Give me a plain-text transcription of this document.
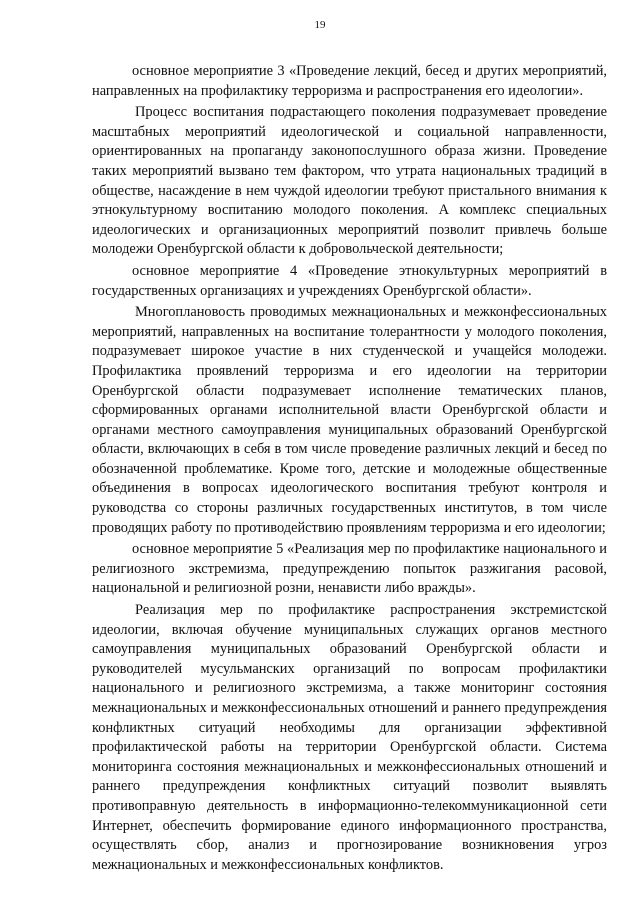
19

основное мероприятие 3 «Проведение лекций, бесед и других мероприятий, направленных на профилактику терроризма и распространения его идеологии».

Процесс воспитания подрастающего поколения подразумевает проведение масштабных мероприятий идеологической и социальной направленности, ориентированных на пропаганду законопослушного образа жизни. Проведение таких мероприятий вызвано тем фактором, что утрата национальных традиций в обществе, насаждение в нем чуждой идеологии требуют пристального внимания к этнокультурному воспитанию молодого поколения. А комплекс специальных идеологических и организационных мероприятий позволит привлечь больше молодежи Оренбургской области к добровольческой деятельности;

основное мероприятие 4 «Проведение этнокультурных мероприятий в государственных организациях и учреждениях Оренбургской области».

Многоплановость проводимых межнациональных и межконфессиональных мероприятий, направленных на воспитание толерантности у молодого поколения, подразумевает широкое участие в них студенческой и учащейся молодежи. Профилактика проявлений терроризма и его идеологии на территории Оренбургской области подразумевает исполнение тематических планов, сформированных органами исполнительной власти Оренбургской области и органами местного самоуправления муниципальных образований Оренбургской области, включающих в себя в том числе проведение различных лекций и бесед по обозначенной проблематике. Кроме того, детские и молодежные общественные объединения в вопросах идеологического воспитания требуют контроля и руководства со стороны различных государственных институтов, в том числе проводящих работу по противодействию проявлениям терроризма и его идеологии;

основное мероприятие 5 «Реализация мер по профилактике национального и религиозного экстремизма, предупреждению попыток разжигания расовой, национальной и религиозной розни, ненависти либо вражды».

Реализация мер по профилактике распространения экстремистской идеологии, включая обучение муниципальных служащих органов местного самоуправления муниципальных образований Оренбургской области и руководителей мусульманских организаций по вопросам профилактики национального и религиозного экстремизма, а также мониторинг состояния межнациональных и межконфессиональных отношений и раннего предупреждения конфликтных ситуаций необходимы для организации эффективной профилактической работы на территории Оренбургской области. Система мониторинга состояния межнациональных и межконфессиональных отношений и раннего предупреждения конфликтных ситуаций позволит выявлять противоправную деятельность в информационно-телекоммуникационной сети Интернет, обеспечить формирование единого информационного пространства, осуществлять сбор, анализ и прогнозирование возникновения угроз межнациональных и межконфессиональных конфликтов.
